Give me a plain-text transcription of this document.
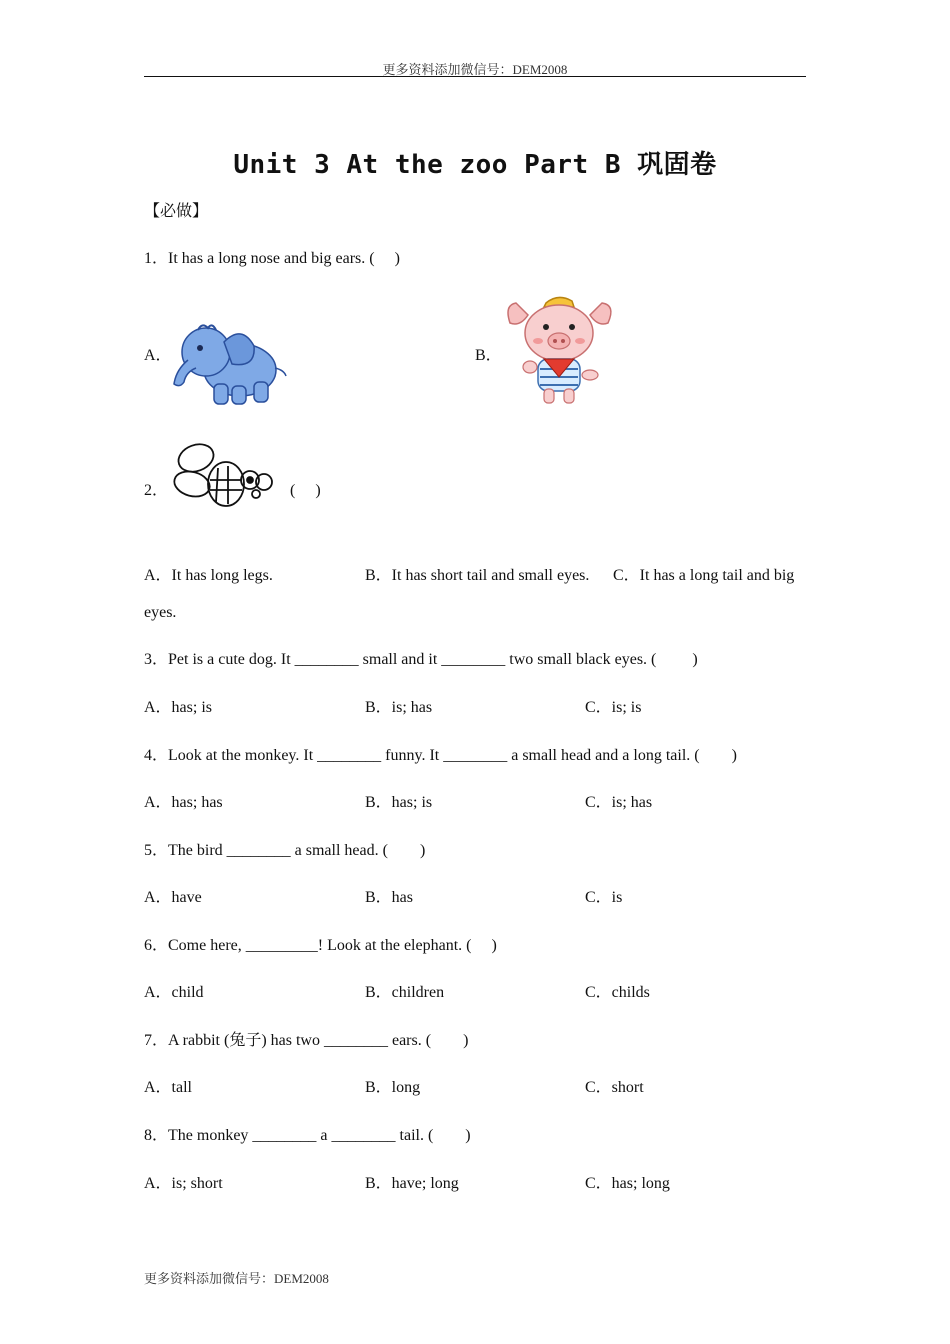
更多资料添加微信号：DEM2008
Unit 3 At the zoo Part B 巩固卷
【必做】
1．It has a long nose and big ears. (　 )
A．	B．
2．	(　 )
A．It has long legs.	B．It has short tail and small eyes. C．It has a long tail and big
eyes.
3．Pet is a cute dog. It ________ small and it ________ two small black eyes. (　　 )
A．has; is	B．is; has	C．is; is
4．Look at the monkey. It ________ funny. It ________ a small head and a long tail. (　　)
A．has; has	B．has; is	C．is; has
5．The bird ________ a small head. (　　)
A．have	B．has	C．is
6．Come here, _________! Look at the elephant. (　 )
A．child	B．children	C．childs
7．A rabbit (兔子) has two ________ ears. (　　)
A．tall	B．long	C．short
8．The monkey ________ a ________ tail. (　　)
A．is; short	B．have; long	C．has; long
更多资料添加微信号：DEM2008
